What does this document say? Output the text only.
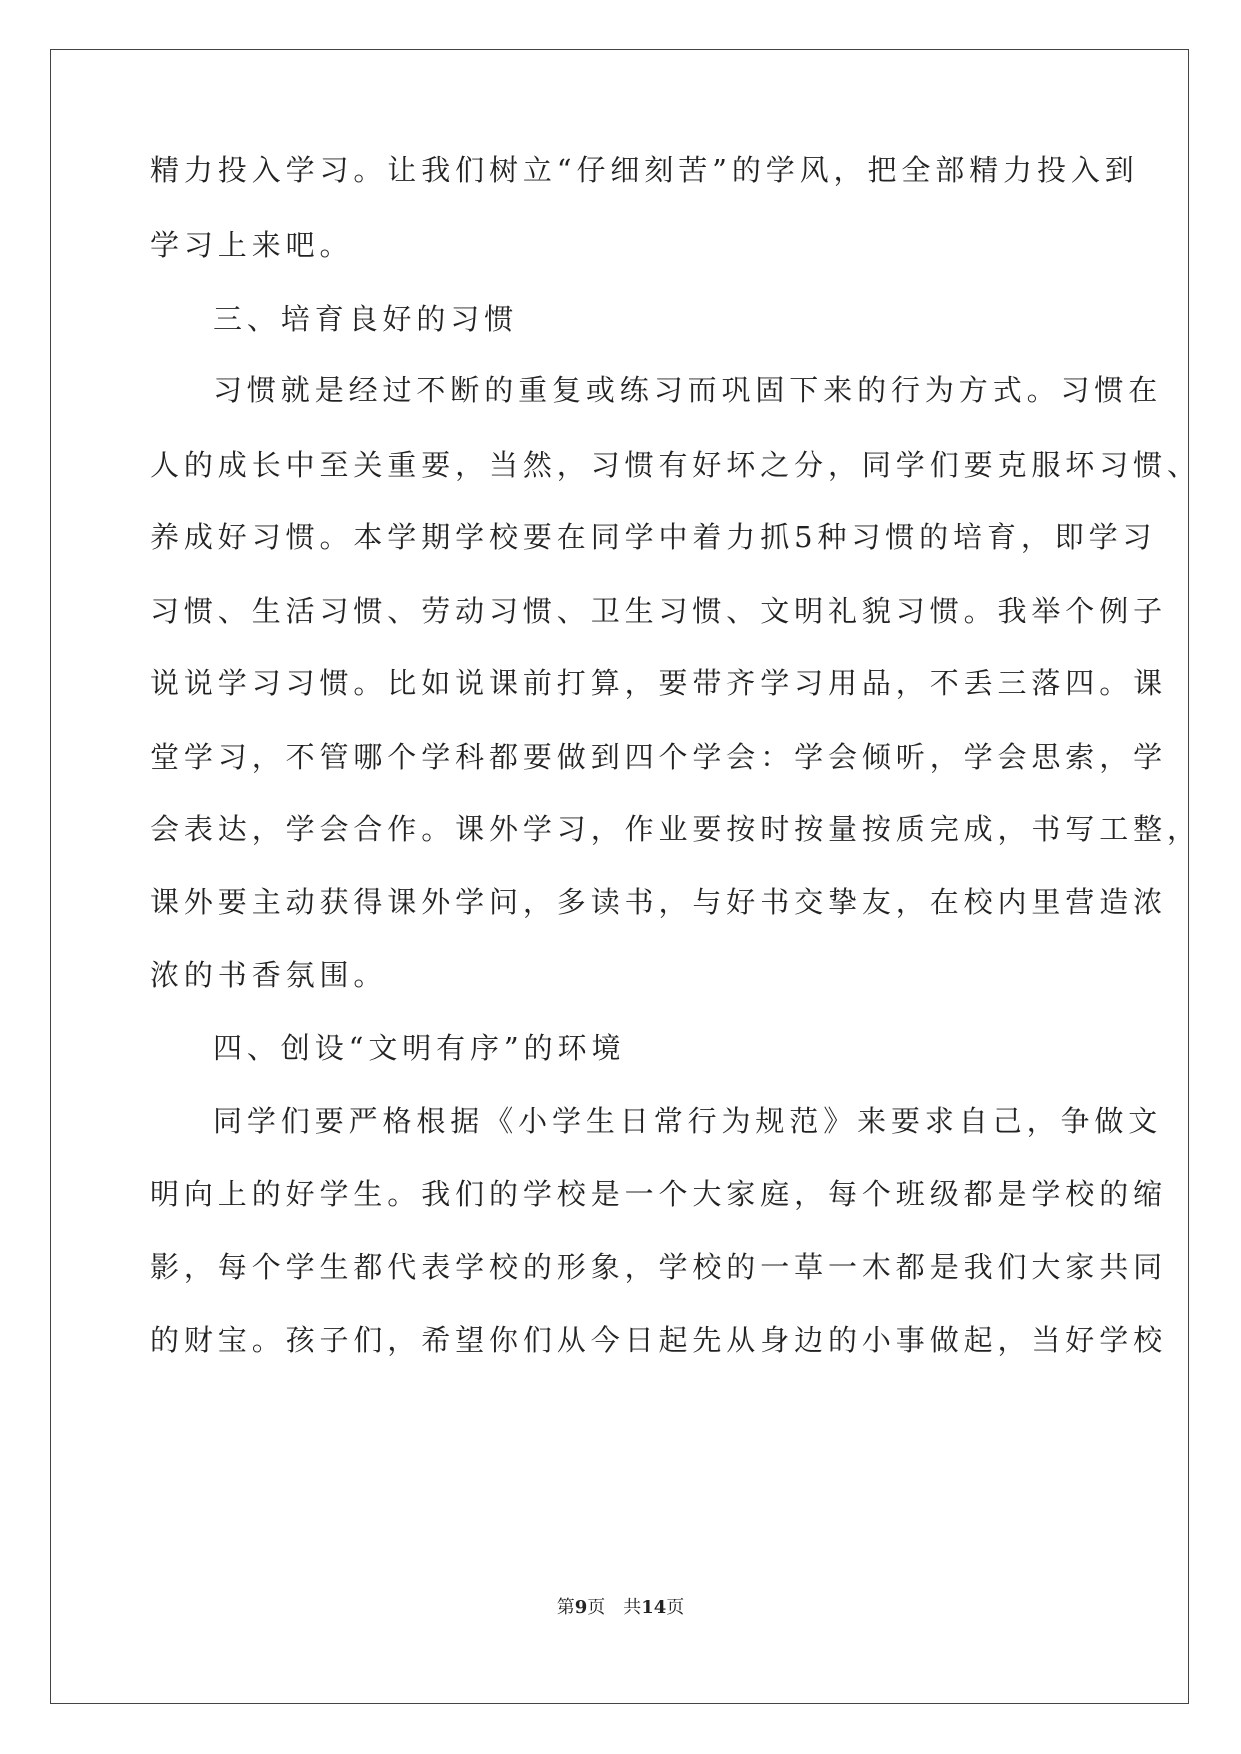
精力投入学习。让我们树立“仔细刻苦”的学风，把全部精力投入到

学习上来吧。

三、培育良好的习惯

习惯就是经过不断的重复或练习而巩固下来的行为方式。习惯在

人的成长中至关重要，当然，习惯有好坏之分，同学们要克服坏习惯、

养成好习惯。本学期学校要在同学中着力抓5种习惯的培育，即学习

习惯、生活习惯、劳动习惯、卫生习惯、文明礼貌习惯。我举个例子

说说学习习惯。比如说课前打算，要带齐学习用品，不丢三落四。课

堂学习，不管哪个学科都要做到四个学会：学会倾听，学会思索，学

会表达，学会合作。课外学习，作业要按时按量按质完成，书写工整，

课外要主动获得课外学问，多读书，与好书交挚友，在校内里营造浓

浓的书香氛围。

四、创设“文明有序”的环境

同学们要严格根据《小学生日常行为规范》来要求自己，争做文

明向上的好学生。我们的学校是一个大家庭，每个班级都是学校的缩

影，每个学生都代表学校的形象，学校的一草一木都是我们大家共同

的财宝。孩子们，希望你们从今日起先从身边的小事做起，当好学校

第9页　共14页
